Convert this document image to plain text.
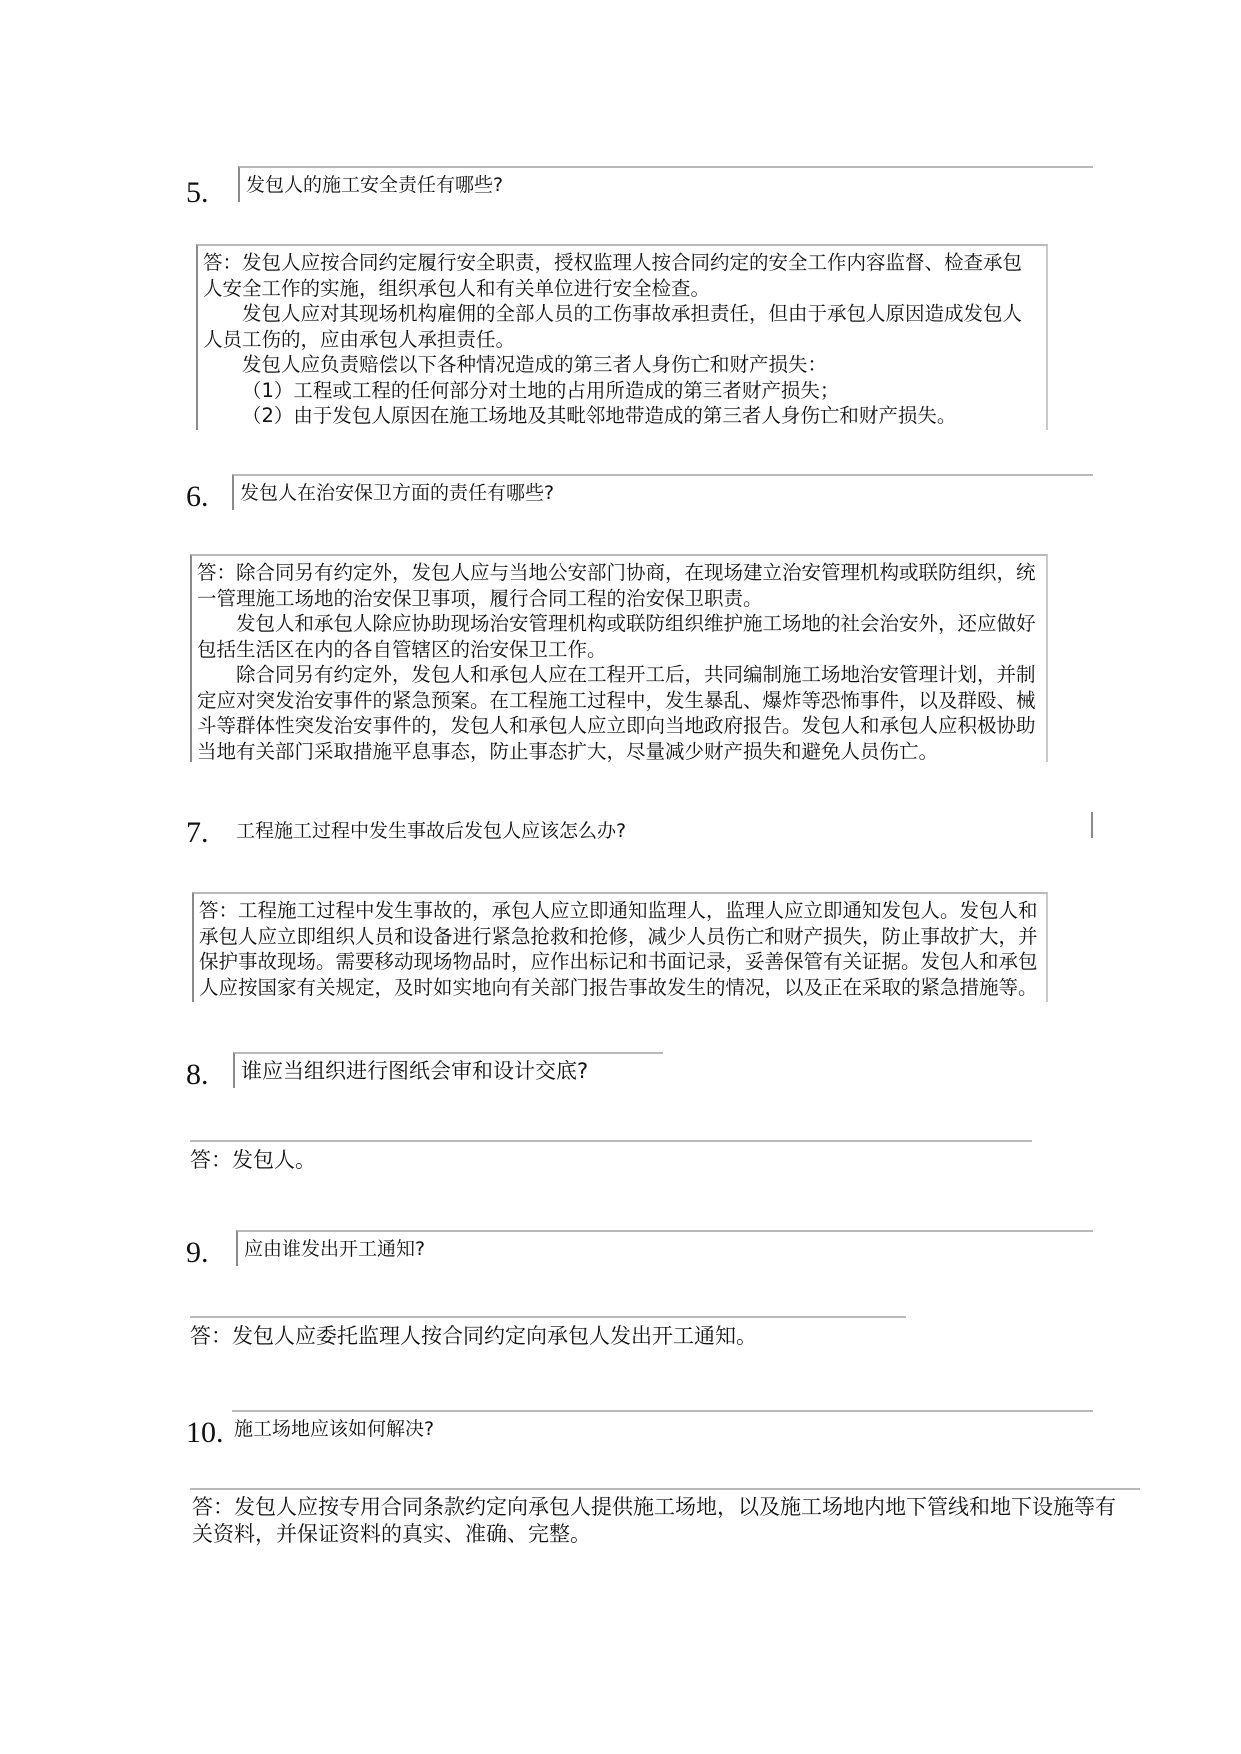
5.	发包人的施工安全责任有哪些?

答：发包人应按合同约定履行安全职责，授权监理人按合同约定的安全工作内容监督、检查承包人安全工作的实施，组织承包人和有关单位进行安全检查。

发包人应对其现场机构雇佣的全部人员的工伤事故承担责任，但由于承包人原因造成发包人人员工伤的，应由承包人承担责任。

发包人应负责赔偿以下各种情况造成的第三者人身伤亡和财产损失：

（1）工程或工程的任何部分对土地的占用所造成的第三者财产损失；

（2）由于发包人原因在施工场地及其毗邻地带造成的第三者人身伤亡和财产损失。

6.	发包人在治安保卫方面的责任有哪些?

答：除合同另有约定外，发包人应与当地公安部门协商，在现场建立治安管理机构或联防组织，统一管理施工场地的治安保卫事项，履行合同工程的治安保卫职责。

发包人和承包人除应协助现场治安管理机构或联防组织维护施工场地的社会治安外，还应做好包括生活区在内的各自管辖区的治安保卫工作。

除合同另有约定外，发包人和承包人应在工程开工后，共同编制施工场地治安管理计划，并制定应对突发治安事件的紧急预案。在工程施工过程中，发生暴乱、爆炸等恐怖事件，以及群殴、械斗等群体性突发治安事件的，发包人和承包人应立即向当地政府报告。发包人和承包人应积极协助当地有关部门采取措施平息事态，防止事态扩大，尽量减少财产损失和避免人员伤亡。

7.	工程施工过程中发生事故后发包人应该怎么办?

答：工程施工过程中发生事故的，承包人应立即通知监理人，监理人应立即通知发包人。发包人和承包人应立即组织人员和设备进行紧急抢救和抢修，减少人员伤亡和财产损失，防止事故扩大，并保护事故现场。需要移动现场物品时，应作出标记和书面记录，妥善保管有关证据。发包人和承包人应按国家有关规定，及时如实地向有关部门报告事故发生的情况，以及正在采取的紧急措施等。

8.	谁应当组织进行图纸会审和设计交底?
答：发包人。
9.	应由谁发出开工通知?
答：发包人应委托监理人按合同约定向承包人发出开工通知。
10. 施工场地应该如何解决?

答：发包人应按专用合同条款约定向承包人提供施工场地，以及施工场地内地下管线和地下设施等有关资料，并保证资料的真实、准确、完整。
